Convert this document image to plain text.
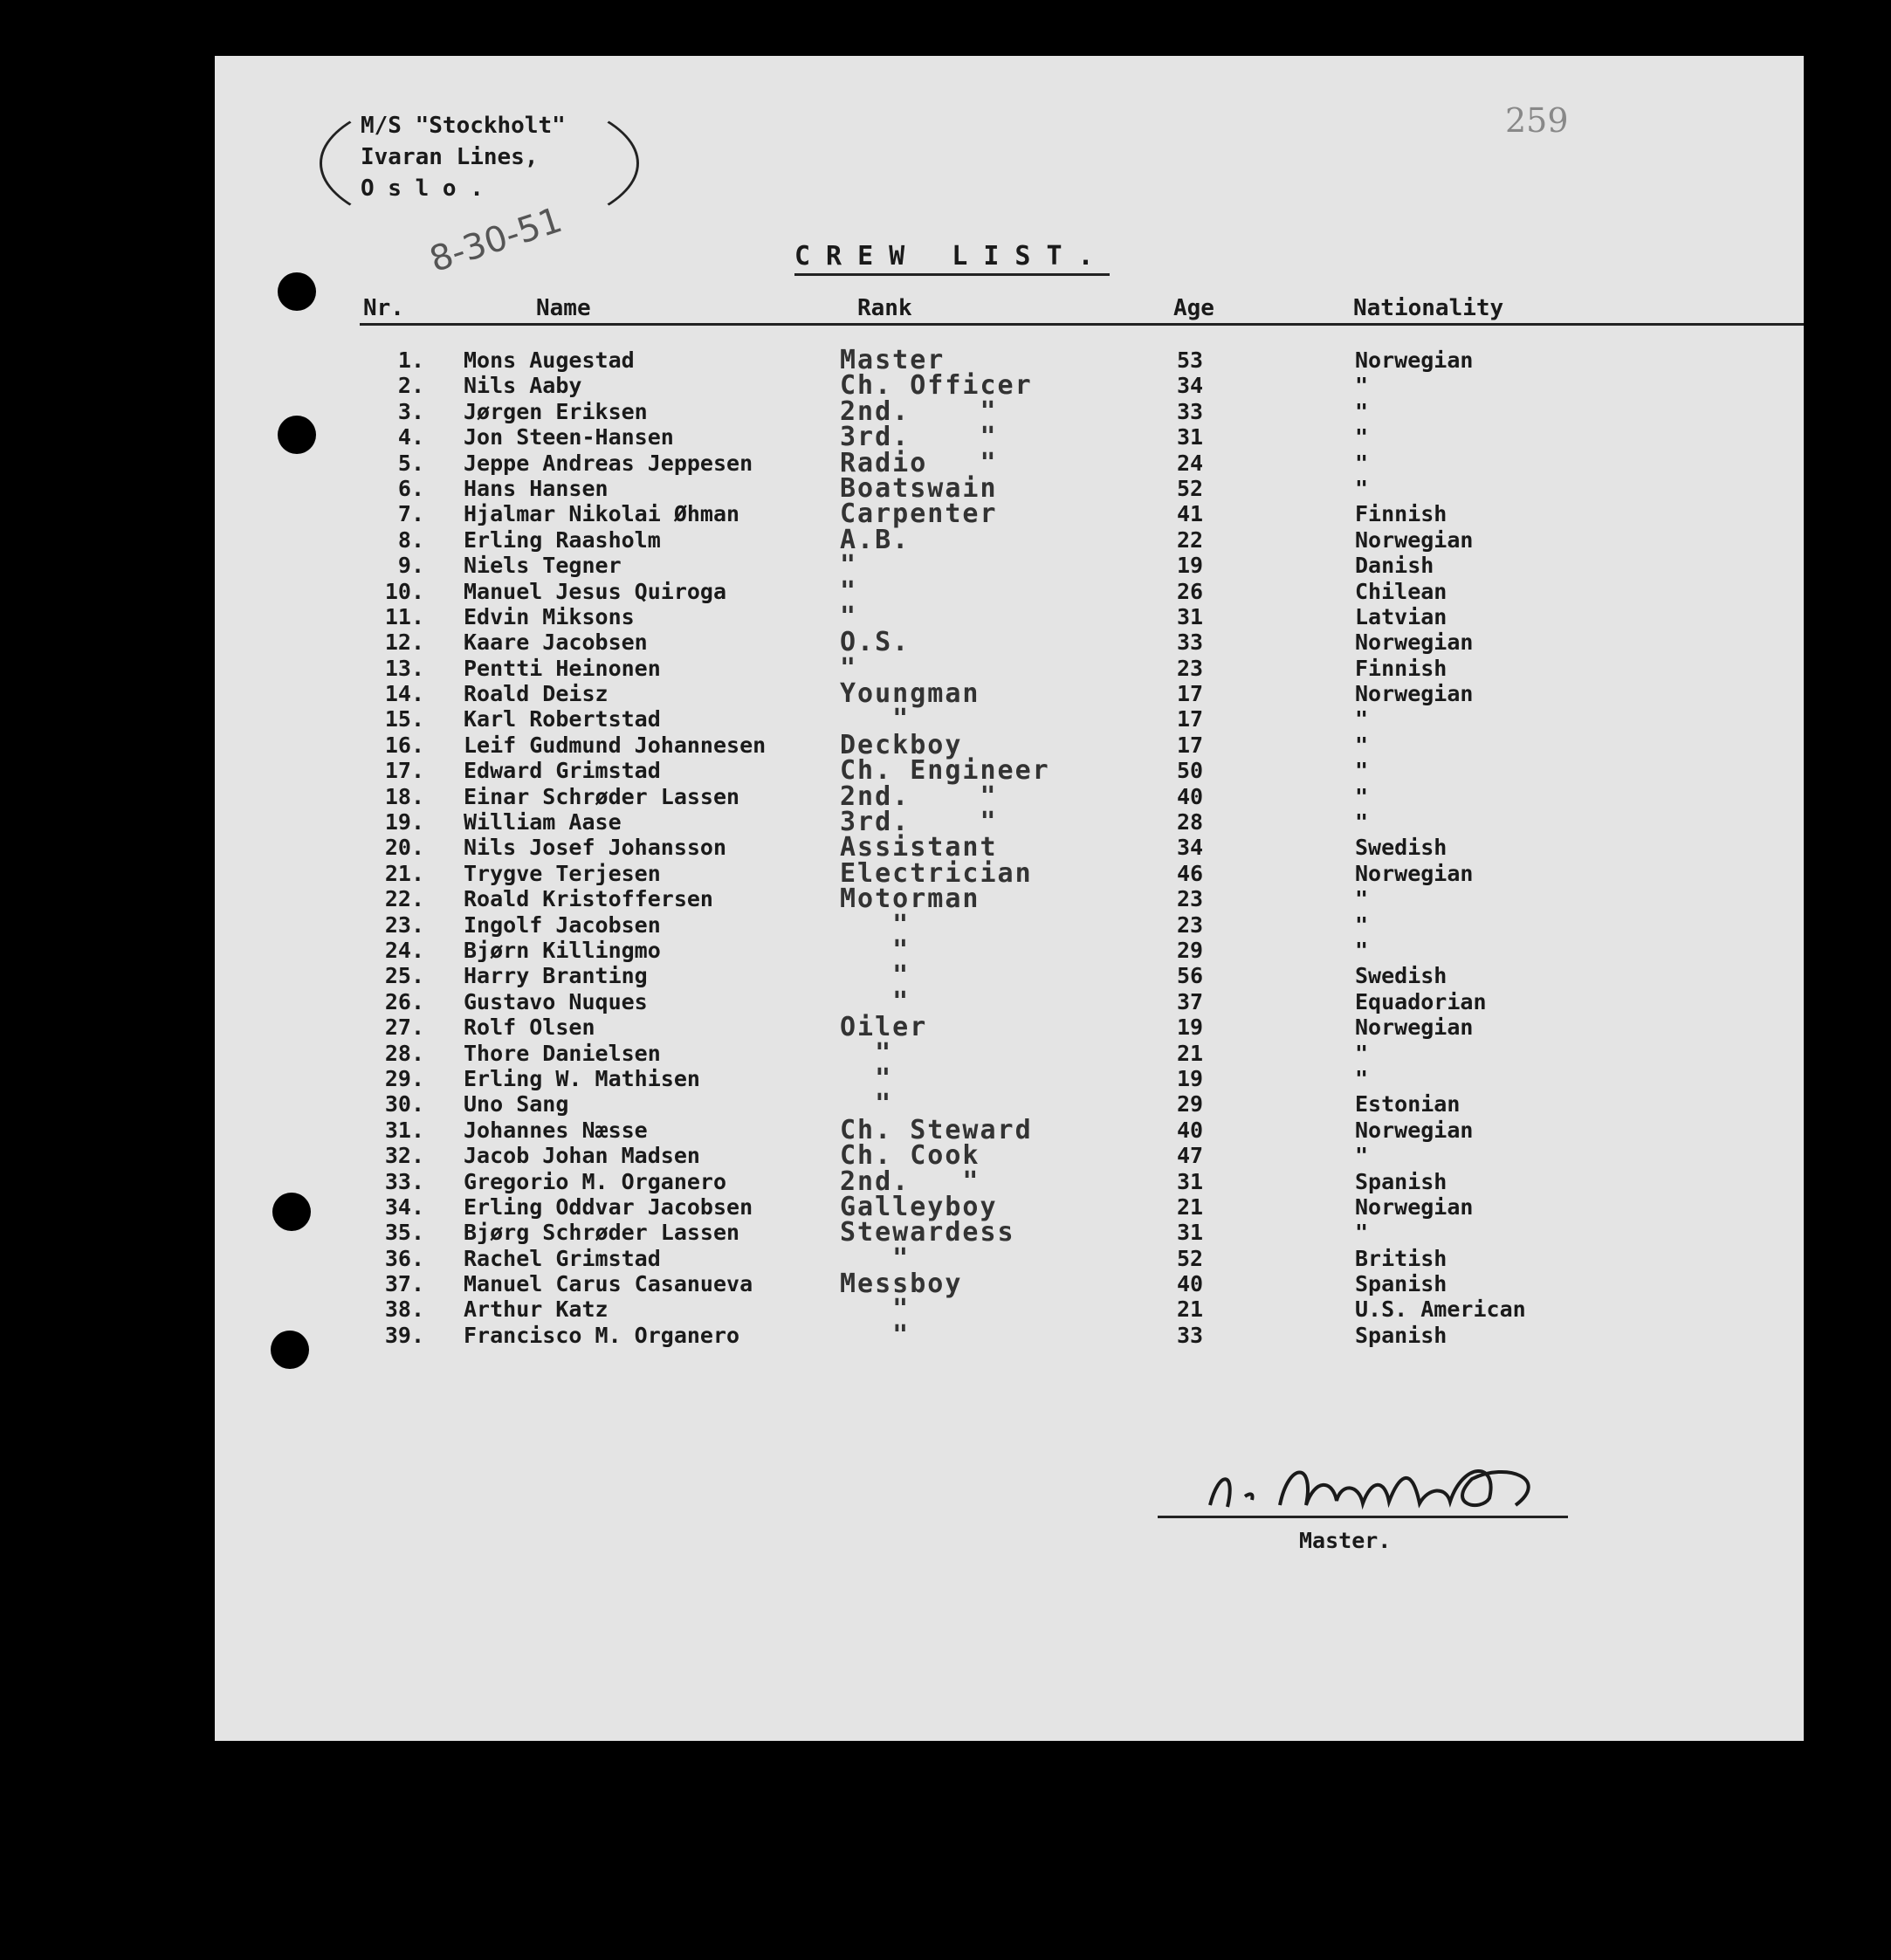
M/S "Stockholt"
Ivaran Lines,
O s l o .
259
8-30-51	CREW LIST.
Nr.	Name	Rank	Age	Nationality
1. Mons Augestad	Master	53	Norwegian
2. Nils Aaby	Ch. Officer	34	"
3. Jørgen Eriksen	2nd.    "	33	"
4. Jon Steen-Hansen	3rd.    "	31	"
5. Jeppe Andreas Jeppesen	Radio   "	24	"
6. Hans Hansen	Boatswain	52	"
7. Hjalmar Nikolai Øhman	Carpenter	41	Finnish
8. Erling Raasholm	A.B.	22	Norwegian
9. Niels Tegner	"	19	Danish
10. Manuel Jesus Quiroga	"	26	Chilean
11. Edvin Miksons	"	31	Latvian
12. Kaare Jacobsen	O.S.	33	Norwegian
13. Pentti Heinonen	"	23	Finnish
14. Roald Deisz	Youngman	17	Norwegian
15. Karl Robertstad	"	17	"
16. Leif Gudmund Johannesen	Deckboy	17	"
17. Edward Grimstad	Ch. Engineer	50	"
18. Einar Schrøder Lassen	2nd.    "	40	"
19. William Aase	3rd.    "	28	"
20. Nils Josef Johansson	Assistant	34	Swedish
21. Trygve Terjesen	Electrician	46	Norwegian
22. Roald Kristoffersen	Motorman	23	"
23. Ingolf Jacobsen	"	23	"
24. Bjørn Killingmo	"	29	"
25. Harry Branting	"	56	Swedish
26. Gustavo Nuques	"	37	Equadorian
27. Rolf Olsen	Oiler	19	Norwegian
28. Thore Danielsen	"	21	"
29. Erling W. Mathisen	"	19	"
30. Uno Sang	"	29	Estonian
31. Johannes Næsse	Ch. Steward	40	Norwegian
32. Jacob Johan Madsen	Ch. Cook	47	"
33. Gregorio M. Organero	2nd.   "	31	Spanish
34. Erling Oddvar Jacobsen	Galleyboy	21	Norwegian
35. Bjørg Schrøder Lassen	Stewardess	31	"
36. Rachel Grimstad	"	52	British
37. Manuel Carus Casanueva	Messboy	40	Spanish
38. Arthur Katz	"	21	U.S. American
39. Francisco M. Organero	"	33	Spanish
Master.
